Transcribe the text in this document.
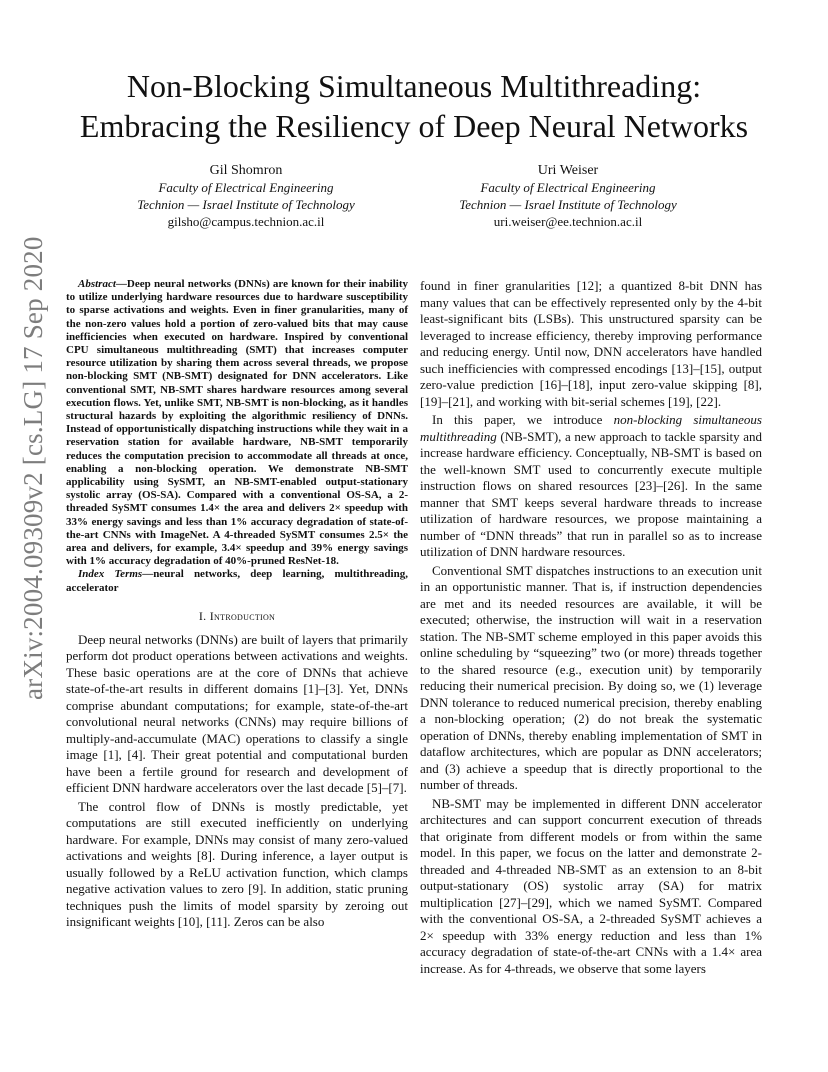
Non-Blocking Simultaneous Multithreading:
Embracing the Resiliency of Deep Neural Networks
Gil Shomron
Faculty of Electrical Engineering
Technion — Israel Institute of Technology
gilsho@campus.technion.ac.il
Uri Weiser
Faculty of Electrical Engineering
Technion — Israel Institute of Technology
uri.weiser@ee.technion.ac.il
arXiv:2004.09309v2 [cs.LG] 17 Sep 2020	Abstract—Deep neural networks (DNNs) are known for their inability to utilize underlying hardware resources due to hardware susceptibility to sparse activations and weights. Even in finer granularities, many of the non-zero values hold a portion of zero-valued bits that may cause inefficiencies when executed on hardware. Inspired by conventional CPU simultaneous multithreading (SMT) that increases computer resource utilization by sharing them across several threads, we propose non-blocking SMT (NB-SMT) designated for DNN accelerators. Like conventional SMT, NB-SMT shares hardware resources among several execution flows. Yet, unlike SMT, NB-SMT is non-blocking, as it handles structural hazards by exploiting the algorithmic resiliency of DNNs. Instead of opportunistically dispatching instructions while they wait in a reservation station for available hardware, NB-SMT temporarily reduces the computation precision to accommodate all threads at once, enabling a non-blocking operation. We demonstrate NB-SMT applicability using SySMT, an NB-SMT-enabled output-stationary systolic array (OS-SA). Compared with a conventional OS-SA, a 2-threaded SySMT consumes 1.4× the area and delivers 2× speedup with 33% energy savings and less than 1% accuracy degradation of state-of-the-art CNNs with ImageNet. A 4-threaded SySMT consumes 2.5× the area and delivers, for example, 3.4× speedup and 39% energy savings with 1% accuracy degradation of 40%-pruned ResNet-18.

Index Terms—neural networks, deep learning, multithreading, accelerator

I. Introduction

Deep neural networks (DNNs) are built of layers that primarily perform dot product operations between activations and weights. These basic operations are at the core of DNNs that achieve state-of-the-art results in different domains [1]–[3]. Yet, DNNs comprise abundant computations; for example, state-of-the-art convolutional neural networks (CNNs) may require billions of multiply-and-accumulate (MAC) operations to classify a single image [1], [4]. Their great potential and computational burden have been a fertile ground for research and development of efficient DNN hardware accelerators over the last decade [5]–[7].

The control flow of DNNs is mostly predictable, yet computations are still executed inefficiently on underlying hardware. For example, DNNs may consist of many zero-valued activations and weights [8]. During inference, a layer output is usually followed by a ReLU activation function, which clamps negative activation values to zero [9]. In addition, static pruning techniques push the limits of model sparsity by zeroing out insignificant weights [10], [11]. Zeros can be also

found in finer granularities [12]; a quantized 8-bit DNN has many values that can be effectively represented only by the 4-bit least-significant bits (LSBs). This unstructured sparsity can be leveraged to increase efficiency, thereby improving performance and reducing energy. Until now, DNN accelerators have handled such inefficiencies with compressed encodings [13]–[15], output zero-value prediction [16]–[18], input zero-value skipping [8], [19]–[21], and working with bit-serial schemes [19], [22].

In this paper, we introduce non-blocking simultaneous multithreading (NB-SMT), a new approach to tackle sparsity and increase hardware efficiency. Conceptually, NB-SMT is based on the well-known SMT used to concurrently execute multiple instruction flows on shared resources [23]–[26]. In the same manner that SMT keeps several hardware threads to increase utilization of hardware resources, we propose maintaining a number of “DNN threads” that run in parallel so as to increase utilization of DNN hardware resources.

Conventional SMT dispatches instructions to an execution unit in an opportunistic manner. That is, if instruction dependencies are met and its needed resources are available, it will be executed; otherwise, the instruction will wait in a reservation station. The NB-SMT scheme employed in this paper avoids this online scheduling by “squeezing” two (or more) threads together to the shared resource (e.g., execution unit) by temporarily reducing their numerical precision. By doing so, we (1) leverage DNN tolerance to reduced numerical precision, thereby enabling a non-blocking operation; (2) do not break the systematic operation of DNNs, thereby enabling implementation of SMT in dataflow architectures, which are popular as DNN accelerators; and (3) achieve a speedup that is directly proportional to the number of threads.

NB-SMT may be implemented in different DNN accelerator architectures and can support concurrent execution of threads that originate from different models or from within the same model. In this paper, we focus on the latter and demonstrate 2-threaded and 4-threaded NB-SMT as an extension to an 8-bit output-stationary (OS) systolic array (SA) for matrix multiplication [27]–[29], which we named SySMT. Compared with the conventional OS-SA, a 2-threaded SySMT achieves a 2× speedup with 33% energy reduction and less than 1% accuracy degradation of state-of-the-art CNNs with a 1.4× area increase. As for 4-threads, we observe that some layers
